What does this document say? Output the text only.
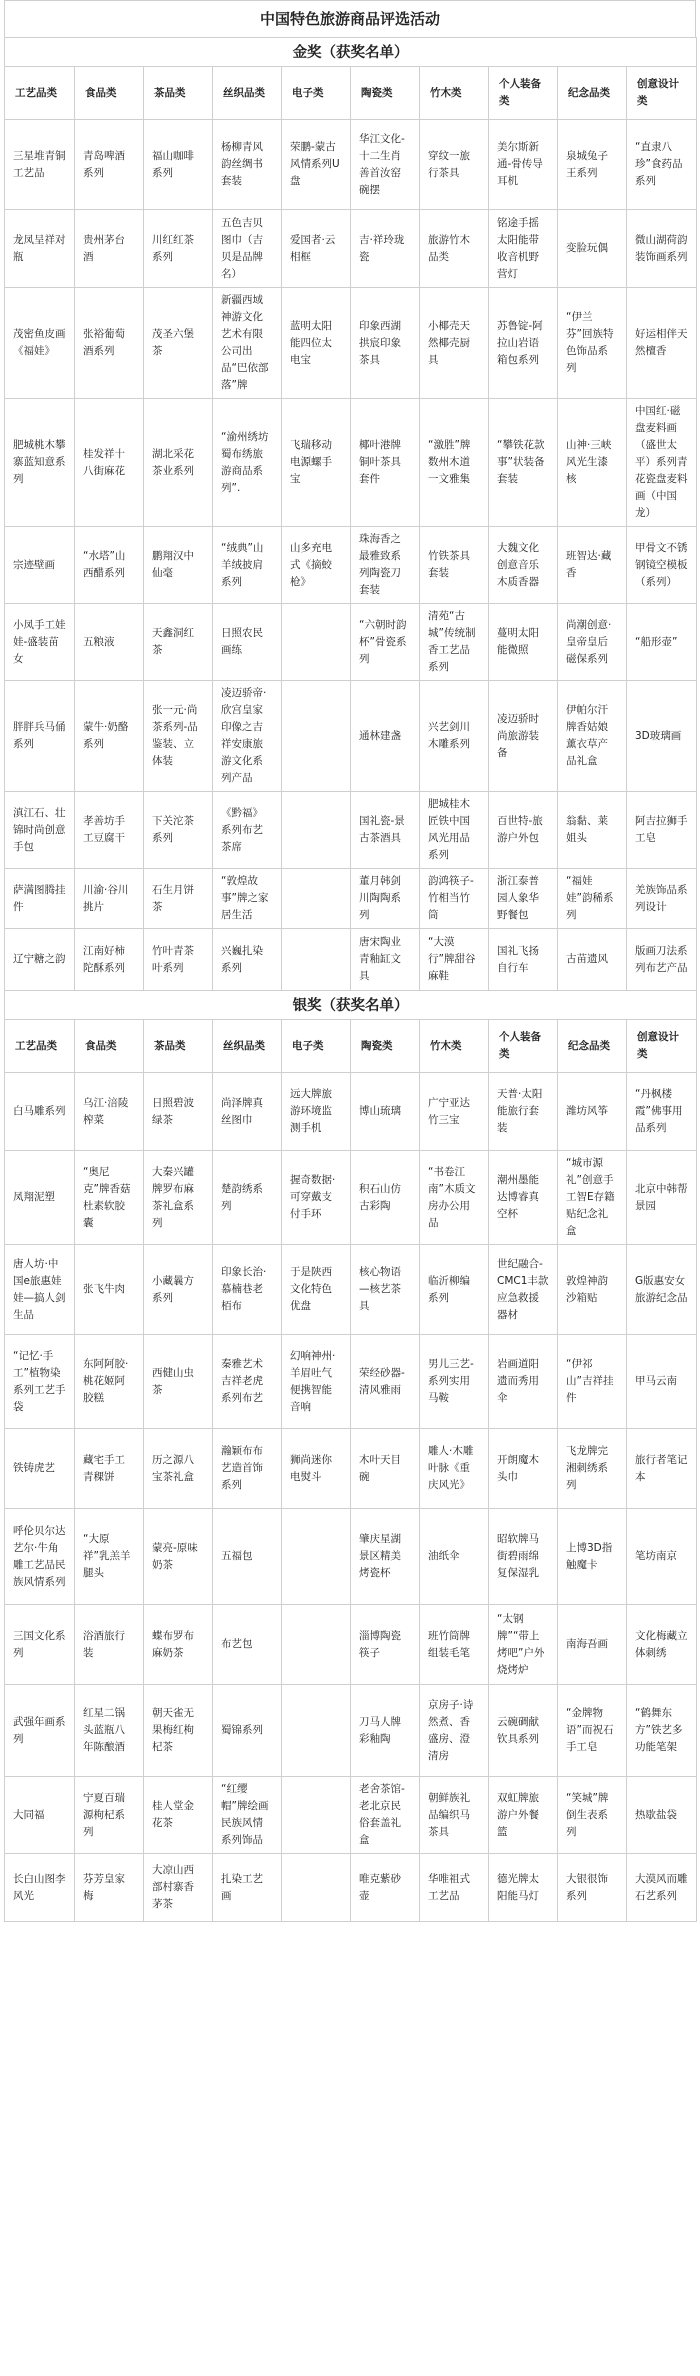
中国特色旅游商品评选活动
金奖（获奖名单）									
工艺品类	食品类	茶品类	丝织品类	电子类	陶瓷类	竹木类	个人装备类	纪念品类	创意设计类
三星堆青铜工艺品	青岛啤酒系列	福山咖啡系列	杨柳青风韵丝绸书套装	荣鹏-蒙古风情系列U盘	华江文化-十二生肖善首汝窑碗摆	穿纹一旅行茶具	美尔斯新通-骨传导耳机	泉城兔子王系列	“直隶八珍”食药品系列
龙凤呈祥对瓶	贵州茅台酒	川红红茶系列	五色吉贝图巾（吉贝是品牌名）	爱国者·云相框	吉·祥玲珑瓷	旅游竹木品类	铭途手摇太阳能带收音机野营灯	变脸玩偶	微山湖荷韵装饰画系列
茂密鱼皮画《福娃》	张裕葡萄酒系列	茂圣六堡茶	新疆西域神游文化艺术有限公司出品“巴依部落”牌	蓝明太阳能四位太电宝	印象西湖拱宸印象茶具	小椰壳天然椰壳厨具	苏鲁锭-阿拉山岩语箱包系列	“伊兰芬”回族特色饰品系列	好运相伴天然檀香
肥城桃木攀寨蓝知意系列	桂发祥十八街麻花	湖北采花茶业系列	“渝州绣坊蜀布绣旅游商品系列”.	飞瑞移动电源螺手宝	椰叶港牌铜叶茶具套件	“激胜”牌数州木道一文雅集	“攀铁花款事”状装备套装	山神·三峡风光生漆核	中国红·磁盘麦料画（盛世太平）系列青花瓷盘麦料画（中国龙）
宗迹壁画	“水塔”山西醋系列	鹏翔汉中仙毫	“绒典”山羊绒披肩系列	山多充电式《摘蛟枪》	珠海香之最雅致系列陶瓷刀套装	竹铁茶具套装	大魏文化创意音乐木质香器	班智达·藏香	甲骨文不锈钢镜空模板（系列）
小凤手工娃娃-盛装苗女	五粮液	天鑫洞红茶	日照农民画练		“六朝时韵杯”骨瓷系列	清苑“古城”传统制香工艺品系列	蔓明太阳能微照	尚潮创意·皇帝皇后磁保系列	“船形壶”
胖胖兵马俑系列	蒙牛·奶酪系列	张一元·尚茶系列-品鉴装、立体装	凌迈骄帝·欣宫皇家印像之吉祥安康旅游文化系列产品		通林建盏	兴艺剑川木雕系列	凌迈骄时尚旅游装备	伊帕尔汗牌香姑娘薰衣草产品礼盒	3D玻璃画
滇江石、壮锦时尚创意手包	孝善坊手工豆腐干	下关沱茶系列	《黔福》系列布艺茶席		国礼瓷-景古茶酒具	肥城桂木匠铁中国风光用品系列	百世特-旅游户外包	翁黏、莱姐头	阿吉拉狮手工皂
萨满图腾挂件	川渝·谷川挑片	石生月饼茶	“敦煌故事”牌之家居生活		董月韩剑川陶陶系列	韵鸿筷子-竹相当竹筒	浙江泰普园人象华野餐包	“福娃娃”韵稀系列	羌族饰品系列设计
辽宁糖之韵	江南好柿陀酥系列	竹叶青茶叶系列	兴巍扎染系列		唐宋陶业青釉缸文具	“大漠行”牌甜谷麻鞋	国礼飞扬自行车	古苗遗风	版画刀法系列布艺产品
银奖（获奖名单）									
工艺品类	食品类	茶品类	丝织品类	电子类	陶瓷类	竹木类	个人装备类	纪念品类	创意设计类
白马雕系列	乌江·涪陵榨菜	日照碧波绿茶	尚泽牌真丝图巾	远大牌旅游环境监测手机	博山琉璃	广宁亚达竹三宝	天普·太阳能旅行套装	潍坊风筝	“丹枫楼霞”佛事用品系列
凤翔泥塑	“奥尼克”牌香菇杜素软胶囊	大秦兴罐牌罗布麻茶礼盒系列	楚韵绣系列	握奇数据·可穿戴支付手环	积石山仿古彩陶	“书卷江南”木质文房办公用品	潮州墨能达博睿真空杯	“城市源礼”创意手工智E存籍贴纪念礼盒	北京中韩帮景园
唐人坊·中国e旅惠娃娃—搞人剑生品	张飞牛肉	小藏曩方系列	印象长治·慕楠巷老栢布	于是陕西文化特色优盘	核心物语—核艺茶具	临沂柳编系列	世纪融合-CMC1丰款应急救援器材	敦煌神韵沙箱贴	G版惠安女旅游纪念品
“记忆·手工”植物染系列工艺手袋	东阿阿胶·桃花姬阿胶糕	西健山虫茶	秦雅艺术吉祥老虎系列布艺	幻响神州·羊眉吐气便携智能音响	荣经砂器-清风雅雨	男儿三艺-系列实用马鞍	岩画道阳遗而秀用伞	“伊祁山”吉祥挂件	甲马云南
铁铸虎艺	藏宅手工青稞饼	历之源八宝茶礼盒	瀚颖布布艺造首饰系列	狮尚迷你电熨斗	木叶天目碗	雕人·木雕叶脉《重庆风光》	开朗魔木头巾	飞龙牌完湘刺绣系列	旅行者笔记本
呼伦贝尔达艺尔·牛角雕工艺品民族风情系列	“大原祥”乳羔羊腿头	蒙亮-原味奶茶	五福包		肇庆星湖景区精美烤瓷杯	油纸伞	昭软牌马街碧雨绵复保湿乳	上博3D指触魔卡	笔坊南京
三国文化系列	浴酒旅行装	蝶布罗布麻奶茶	布艺包		淄博陶瓷筷子	班竹筒牌组装毛笔	“太钢牌”“带上烤吧”户外烧烤炉	南海吾画	文化梅藏立体刺绣
武强年画系列	红星二锅头蓝瓶八年陈酿酒	朝天雀无果梅红枸杞茶	蜀锦系列		刀马人牌彩釉陶	京房子·诗然煮、香盛房、澄清房	云碗碉献钦具系列	“金牌物语”而祝石手工皂	“鹤舞东方”铁艺多功能笔架
大同福	宁夏百瑞源枸杞系列	桂人堂金花茶	“红缨帽”牌绘画民族风情系列饰品		老舍茶馆-老北京民俗套盖礼盒	朝鲜族礼品编织马茶具	双虹牌旅游户外餐篮	“笑城”牌倒生表系列	热歇盐袋
长白山图李风光	芬芳皇家梅	大凉山西部村寨香茅茶	扎染工艺画		唯克紫砂壶	华唯祖式工艺品	德光牌太阳能马灯	大银很饰系列	大漠风而雕石艺系列
